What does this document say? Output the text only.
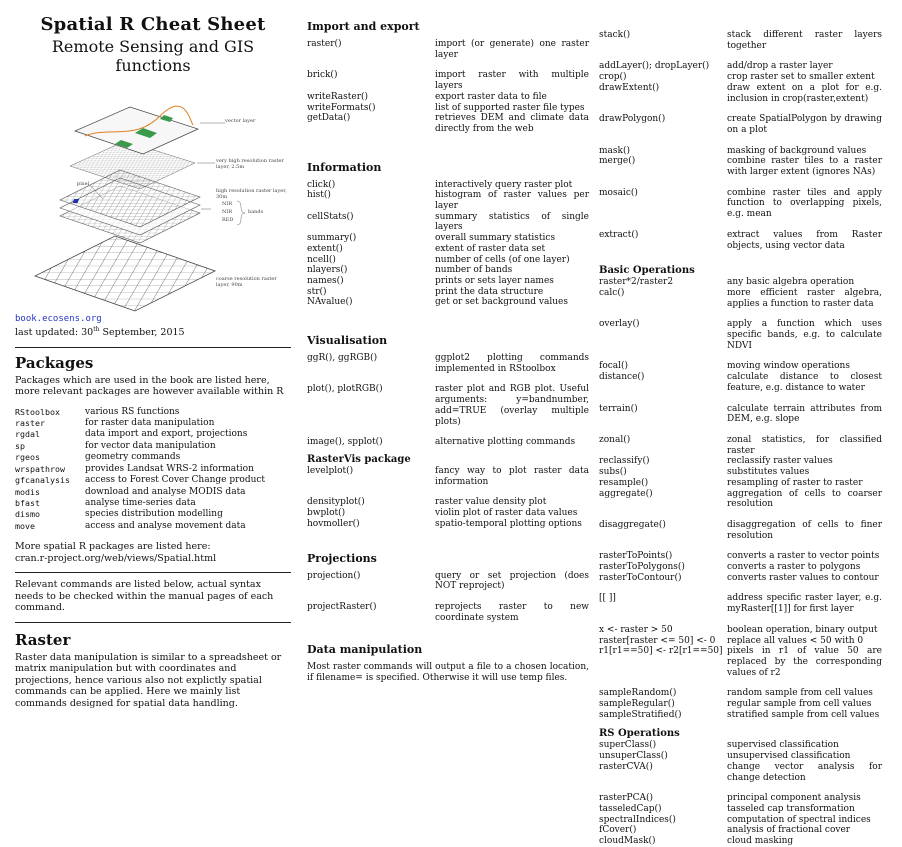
Spatial R Cheat Sheet
Remote Sensing and GIS functions
vector layer
very high resolution raster layer, 2.5m
high resolution raster layer, 30m
NIR
NIR
RED
bands
pixel
coarse resolution raster layer, 90m
book.ecosens.org
last updated: 30th September, 2015
Packages
Packages which are used in the book are listed here, more relevant packages are however available within R
RStoolbox	various RS functions
raster	for raster data manipulation
rgdal	data import and export, projections
sp	for vector data manipulation
rgeos	geometry commands
wrspathrow	provides Landsat WRS-2 information
gfcanalysis	access to Forest Cover Change product
modis	download and analyse MODIS data
bfast	analyse time-series data
dismo	species distribution modelling
move	access and analyse movement data
More spatial R packages are listed here:
cran.r-project.org/web/views/Spatial.html
Relevant commands are listed below, actual syntax needs to be checked within the manual pages of each command.
Raster
Raster data manipulation is similar to a spreadsheet or matrix manipulation but with coordinates and projections, hence various also not explictly spatial commands can be applied. Here we mainly list commands designed for spatial data handling.
Import and export
raster()	import (or generate) one raster layer
brick()	import raster with multiple layers
writeRaster()	export raster data to file
writeFormats()	list of supported raster file types
getData()	retrieves DEM and climate data directly from the web
Information
click()	interactively query raster plot
hist()	histogram of raster values per layer
cellStats()	summary statistics of single layers
summary()	overall summary statistics
extent()	extent of raster data set
ncell()	number of cells (of one layer)
nlayers()	number of bands
names()	prints or sets layer names
str()	print the data structure
NAvalue()	get or set background values
Visualisation
ggR(), ggRGB()	ggplot2 plotting commands implemented in RStoolbox
plot(), plotRGB()	raster plot and RGB plot. Useful arguments: y=bandnumber, add=TRUE (overlay multiple plots)
image(), spplot()	alternative plotting commands
RasterVis package
levelplot()	fancy way to plot raster data information
densityplot()	raster value density plot
bwplot()	violin plot of raster data values
hovmoller()	spatio-temporal plotting options
Projections
projection()	query or set projection (does NOT reproject)
projectRaster()	reprojects raster to new coordinate system
Data manipulation
Most raster commands will output a file to a chosen location, if filename= is specified. Otherwise it will use temp files.
stack()	stack different raster layers together
addLayer(); dropLayer()	add/drop a raster layer
crop()	crop raster set to smaller extent
drawExtent()	draw extent on a plot for e.g. inclusion in crop(raster,extent)
drawPolygon()	create SpatialPolygon by drawing on a plot
mask()	masking of background values
merge()	combine raster tiles to a raster with larger extent (ignores NAs)
mosaic()	combine raster tiles and apply function to overlapping pixels, e.g. mean
extract()	extract values from Raster objects, using vector data
Basic Operations
raster*2/raster2	any basic algebra operation
calc()	more efficient raster algebra, applies a function to raster data
overlay()	apply a function which uses specific bands, e.g. to calculate NDVI
focal()	moving window operations
distance()	calculate distance to closest feature, e.g. distance to water
terrain()	calculate terrain attributes from DEM, e.g. slope
zonal()	zonal statistics, for classified raster
reclassify()	reclassify raster values
subs()	substitutes values
resample()	resampling of raster to raster
aggregate()	aggregation of cells to coarser resolution
disaggregate()	disaggregation of cells to finer resolution
rasterToPoints()	converts a raster to vector points
rasterToPolygons()	converts a raster to polygons
rasterToContour()	converts raster values to contour
[[ ]]	address specific raster layer, e.g. myRaster[[1]] for first layer
x <- raster > 50	boolean operation, binary output
raster[raster <= 50] <- 0	replace all values < 50 with 0
r1[r1==50] <- r2[r1==50] pixels in r1 of value 50 are replaced by the corresponding values of r2
sampleRandom()	random sample from cell values
sampleRegular()	regular sample from cell values
sampleStratified()	stratified sample from cell values
RS Operations
superClass()	supervised classification
unsuperClass()	unsupervised classification
rasterCVA()	change vector analysis for change detection
rasterPCA()	principal component analysis
tasseledCap()	tasseled cap transformation
spectralIndices()	computation of spectral indices
fCover()	analysis of fractional cover
cloudMask()	cloud masking
